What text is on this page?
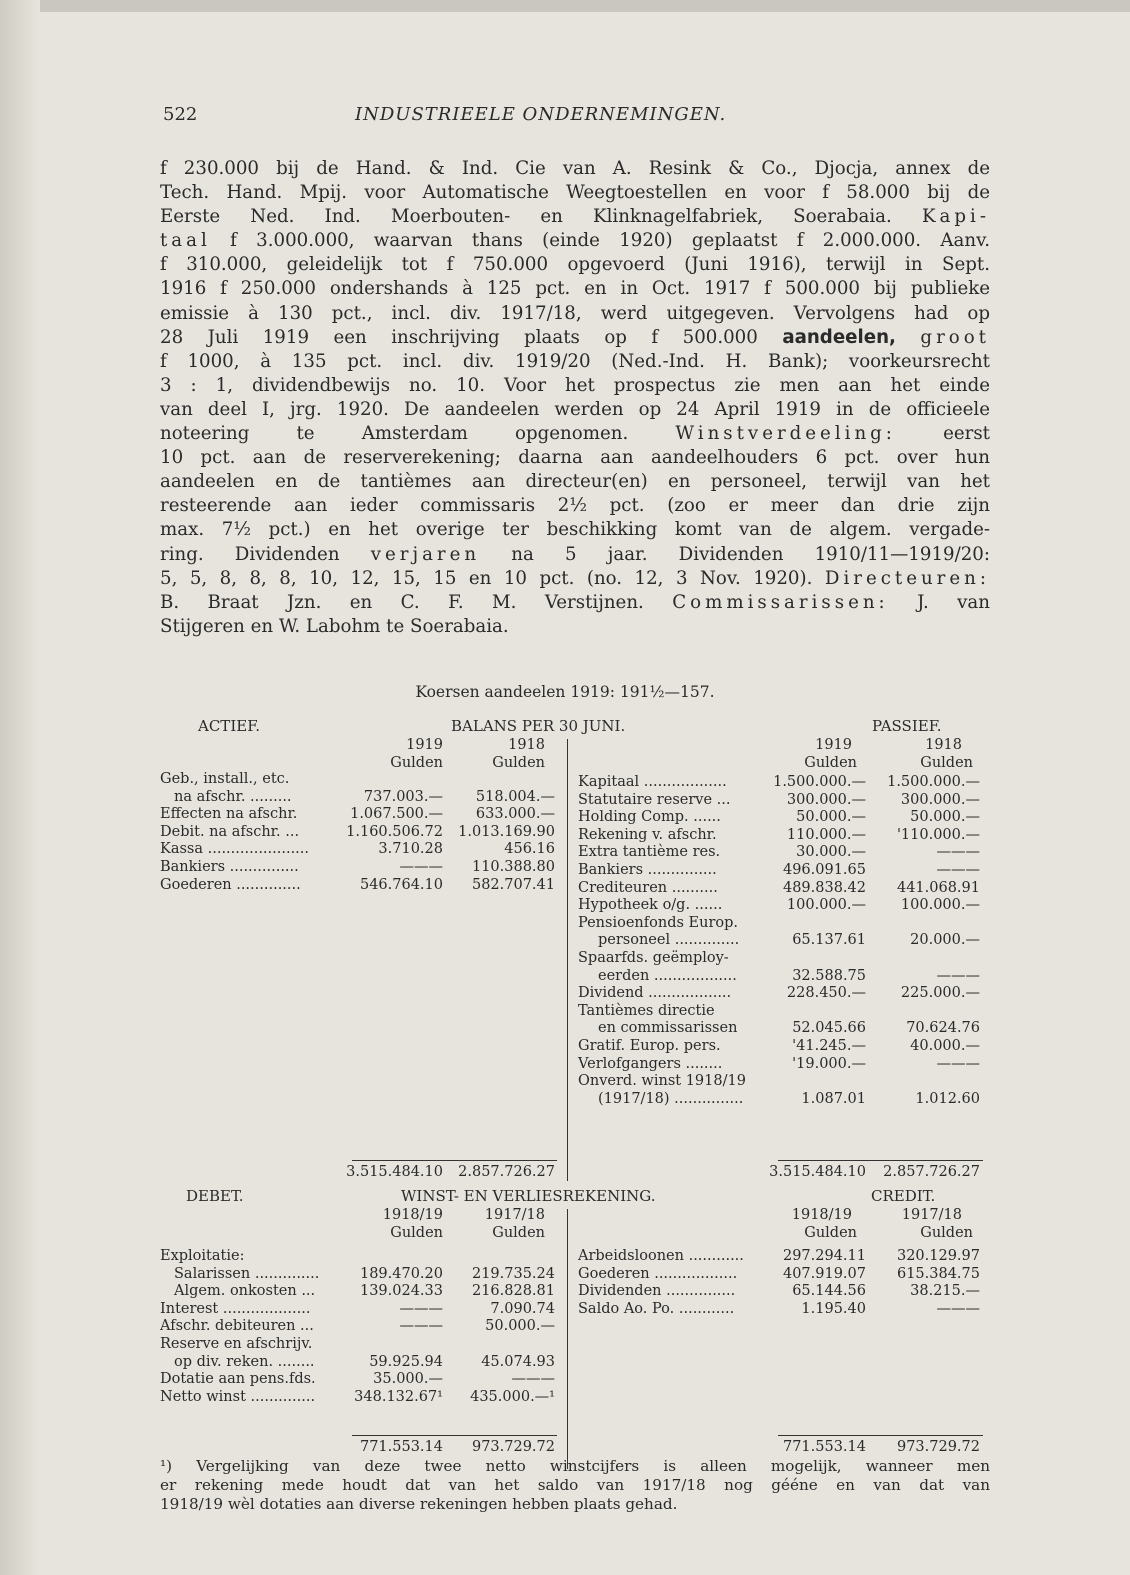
522	INDUSTRIEELE ONDERNEMINGEN.
f 230.000 bij de Hand. & Ind. Cie van A. Resink & Co., Djocja, annex de
Tech. Hand. Mpij. voor Automatische Weegtoestellen en voor f 58.000 bij de
Eerste Ned. Ind. Moerbouten- en Klinknagelfabriek, Soerabaia. Kapi-
taal f 3.000.000, waarvan thans (einde 1920) geplaatst f 2.000.000. Aanv.
f 310.000, geleidelijk tot f 750.000 opgevoerd (Juni 1916), terwijl in Sept.
1916 f 250.000 ondershands à 125 pct. en in Oct. 1917 f 500.000 bij publieke
emissie à 130 pct., incl. div. 1917/18, werd uitgegeven. Vervolgens had op
28 Juli 1919 een inschrijving plaats op f 500.000 aandeelen, groot
f 1000, à 135 pct. incl. div. 1919/20 (Ned.-Ind. H. Bank); voorkeursrecht
3 : 1, dividendbewijs no. 10. Voor het prospectus zie men aan het einde
van deel I, jrg. 1920. De aandeelen werden op 24 April 1919 in de officieele
noteering te Amsterdam opgenomen.	Winstverdeeling:	eerst
10 pct. aan de reserverekening; daarna aan aandeelhouders 6 pct. over hun
aandeelen en de tantièmes aan directeur(en) en personeel, terwijl van het
resteerende aan ieder commissaris 2½ pct. (zoo er meer dan drie zijn
max. 7½ pct.) en het overige ter beschikking komt van de algem. vergade-
ring. Dividenden verjaren na 5 jaar. Dividenden 1910/11—1919/20:
5, 5, 8, 8, 8, 10, 12, 15, 15 en 10 pct. (no. 12, 3 Nov. 1920). Directeuren:
B. Braat Jzn. en C. F. M. Verstijnen. Commissarissen: J. van
Stijgeren en W. Labohm te Soerabaia.
Koersen aandeelen 1919: 191½—157.
ACTIEF.	BALANS PER 30 JUNI.	PASSIEF.
1919	1918
Gulden	Gulden
1919	1918
Gulden	Gulden
Geb., install., etc.
na afschr. .........	737.003.—	518.004.—
Effecten na afschr.	1.067.500.—	633.000.—
Debit. na afschr. ...	1.160.506.72	1.013.169.90
Kassa ......................	3.710.28	456.16
Bankiers ...............	———	110.388.80
Goederen ..............	546.764.10	582.707.41
Kapitaal ..................	1.500.000.—	1.500.000.—
Statutaire reserve ...	300.000.—	300.000.—
Holding Comp. ......	50.000.—	50.000.—
Rekening v. afschr.	110.000.—	'110.000.—
Extra tantième res.	30.000.—	———
Bankiers ...............	496.091.65	———
Crediteuren ..........	489.838.42	441.068.91
Hypotheek o/g. ......	100.000.—	100.000.—
Pensioenfonds Europ.
personeel ..............	65.137.61	20.000.—
Spaarfds. geëmploy-
eerden ..................	32.588.75	———
Dividend ..................	228.450.—	225.000.—
Tantièmes directie
en commissarissen	52.045.66	70.624.76
Gratif. Europ. pers.	'41.245.—	40.000.—
Verlofgangers ........	'19.000.—	———
Onverd. winst 1918/19
(1917/18) ...............	1.087.01	1.012.60
3.515.484.10	2.857.726.27	3.515.484.10	2.857.726.27
DEBET.	WINST- EN VERLIESREKENING.	CREDIT.
1918/19	1917/18
Gulden	Gulden
1918/19	1917/18
Gulden	Gulden
Exploitatie:
Salarissen ..............	189.470.20	219.735.24
Algem. onkosten ...	139.024.33	216.828.81
Interest ...................	———	7.090.74
Afschr. debiteuren ...	———	50.000.—
Reserve en afschrijv.
op div. reken. ........	59.925.94	45.074.93
Dotatie aan pens.fds.	35.000.—	———
Netto winst ..............	348.132.67¹	435.000.—¹
Arbeidsloonen ............	297.294.11	320.129.97
Goederen ..................	407.919.07	615.384.75
Dividenden ...............	65.144.56	38.215.—
Saldo Ao. Po. ............	1.195.40	———
771.553.14	973.729.72	771.553.14	973.729.72
¹) Vergelijking van deze twee netto winstcijfers is alleen mogelijk, wanneer men
er rekening mede houdt dat van het saldo van 1917/18 nog gééne en van dat van
1918/19 wèl dotaties aan diverse rekeningen hebben plaats gehad.
